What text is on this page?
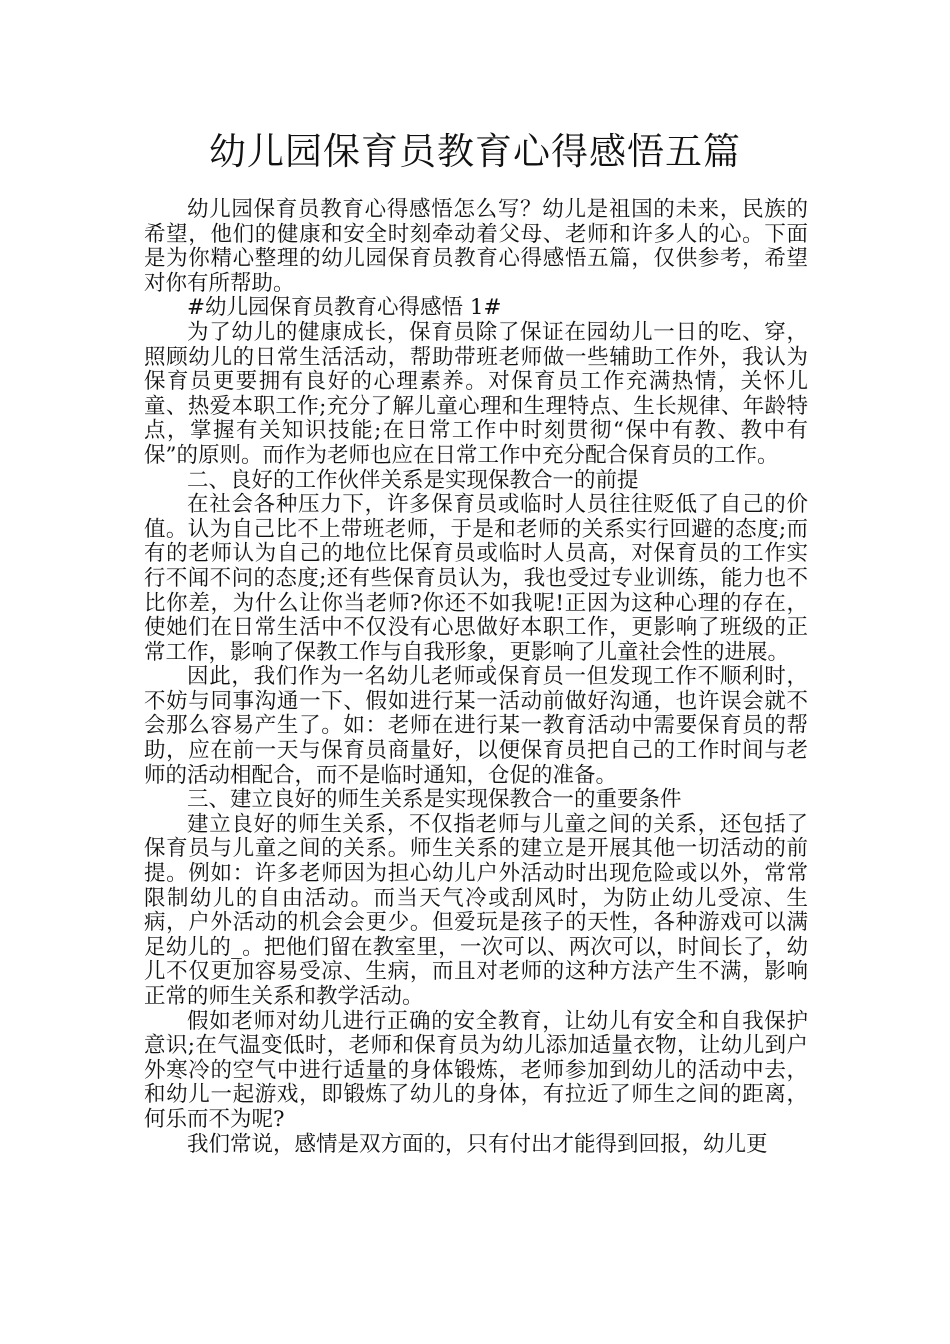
幼儿园保育员教育心得感悟五篇

幼儿园保育员教育心得感悟怎么写？幼儿是祖国的未来，民族的希望，他们的健康和安全时刻牵动着父母、老师和许多人的心。下面是为你精心整理的幼儿园保育员教育心得感悟五篇，仅供参考，希望对你有所帮助。

#幼儿园保育员教育心得感悟 1#

为了幼儿的健康成长，保育员除了保证在园幼儿一日的吃、穿，照顾幼儿的日常生活活动，帮助带班老师做一些辅助工作外，我认为保育员更要拥有良好的心理素养。对保育员工作充满热情，关怀儿童、热爱本职工作;充分了解儿童心理和生理特点、生长规律、年龄特点，掌握有关知识技能;在日常工作中时刻贯彻“保中有教、教中有保”的原则。而作为老师也应在日常工作中充分配合保育员的工作。

二、良好的工作伙伴关系是实现保教合一的前提

在社会各种压力下，许多保育员或临时人员往往贬低了自己的价值。认为自己比不上带班老师，于是和老师的关系实行回避的态度;而有的老师认为自己的地位比保育员或临时人员高，对保育员的工作实行不闻不问的态度;还有些保育员认为，我也受过专业训练，能力也不比你差，为什么让你当老师?你还不如我呢!正因为这种心理的存在，使她们在日常生活中不仅没有心思做好本职工作，更影响了班级的正常工作，影响了保教工作与自我形象，更影响了儿童社会性的进展。

因此，我们作为一名幼儿老师或保育员一但发现工作不顺利时，不妨与同事沟通一下、假如进行某一活动前做好沟通，也许误会就不会那么容易产生了。如：老师在进行某一教育活动中需要保育员的帮助，应在前一天与保育员商量好，以便保育员把自己的工作时间与老师的活动相配合，而不是临时通知，仓促的准备。

三、建立良好的师生关系是实现保教合一的重要条件

建立良好的师生关系，不仅指老师与儿童之间的关系，还包括了保育员与儿童之间的关系。师生关系的建立是开展其他一切活动的前提。例如：许多老师因为担心幼儿户外活动时出现危险或以外，常常限制幼儿的自由活动。而当天气冷或刮风时，为防止幼儿受凉、生病，户外活动的机会会更少。但爱玩是孩子的天性，各种游戏可以满足幼儿的_。把他们留在教室里，一次可以、两次可以，时间长了，幼儿不仅更加容易受凉、生病，而且对老师的这种方法产生不满，影响正常的师生关系和教学活动。

假如老师对幼儿进行正确的安全教育，让幼儿有安全和自我保护意识;在气温变低时，老师和保育员为幼儿添加适量衣物，让幼儿到户外寒冷的空气中进行适量的身体锻炼，老师参加到幼儿的活动中去，和幼儿一起游戏，即锻炼了幼儿的身体，有拉近了师生之间的距离，何乐而不为呢?

我们常说，感情是双方面的，只有付出才能得到回报，幼儿更
